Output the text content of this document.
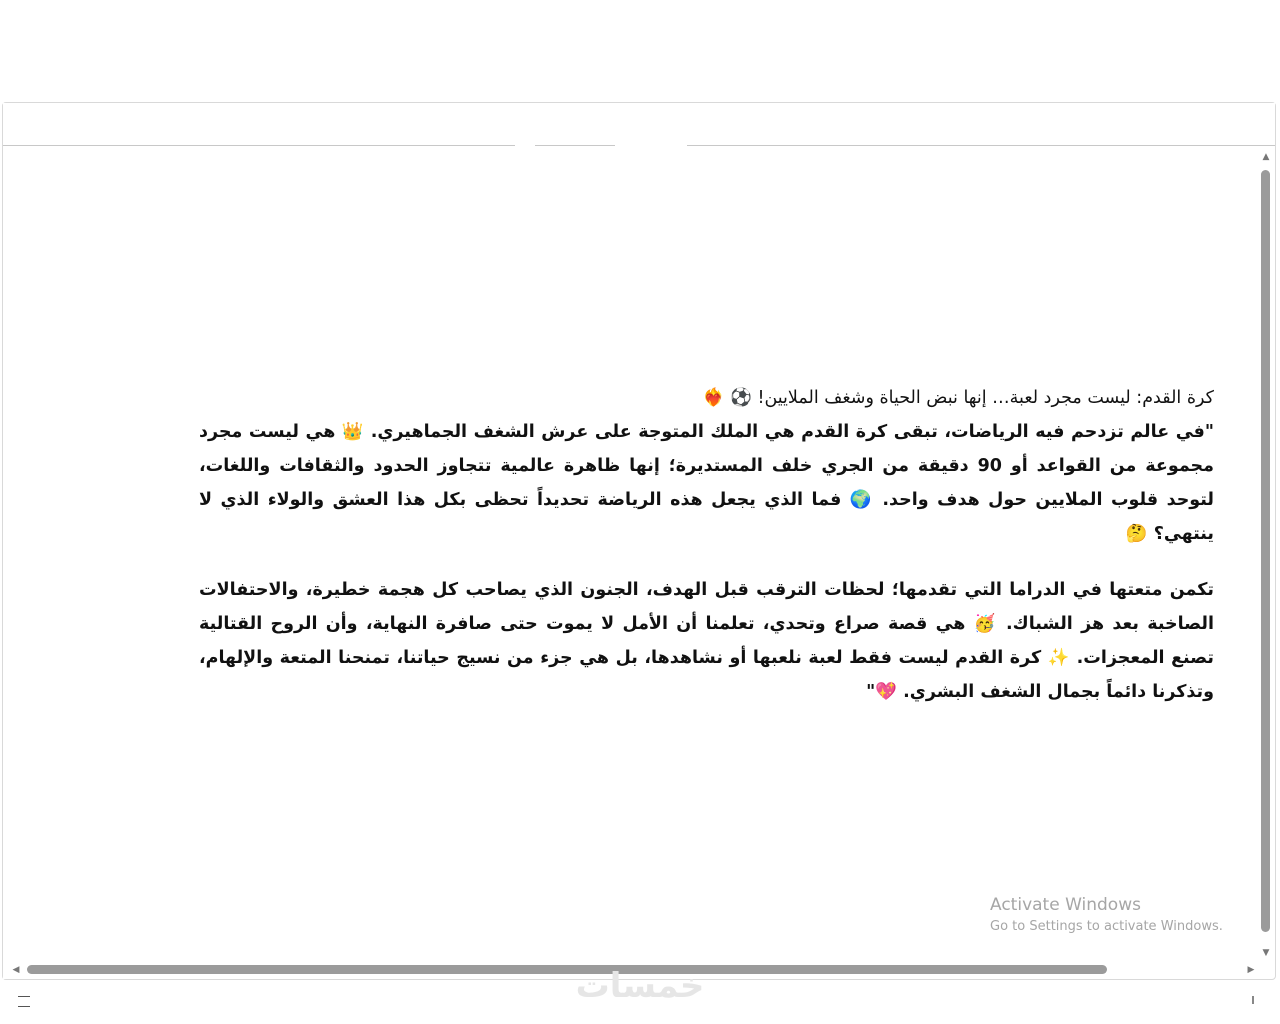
كرة القدم: ليست مجرد لعبة… إنها نبض الحياة وشغف الملايين! ⚽ ❤️‍🔥

"في عالم تزدحم فيه الرياضات، تبقى كرة القدم هي الملك المتوجة على عرش الشغف الجماهيري. 👑 هي ليست مجرد مجموعة من القواعد أو 90 دقيقة من الجري خلف المستديرة؛ إنها ظاهرة عالمية تتجاوز الحدود والثقافات واللغات، لتوحد قلوب الملايين حول هدف واحد. 🌍 فما الذي يجعل هذه الرياضة تحديداً تحظى بكل هذا العشق والولاء الذي لا ينتهي؟ 🤔

تكمن متعتها في الدراما التي تقدمها؛ لحظات الترقب قبل الهدف، الجنون الذي يصاحب كل هجمة خطيرة، والاحتفالات الصاخبة بعد هز الشباك. 🥳 هي قصة صراع وتحدي، تعلمنا أن الأمل لا يموت حتى صافرة النهاية، وأن الروح القتالية تصنع المعجزات. ✨ كرة القدم ليست فقط لعبة نلعبها أو نشاهدها، بل هي جزء من نسيج حياتنا، تمنحنا المتعة والإلهام، وتذكرنا دائماً بجمال الشغف البشري. 💖"

▲
▼
◀	▶
Activate Windows
Go to Settings to activate Windows.
خمسات
